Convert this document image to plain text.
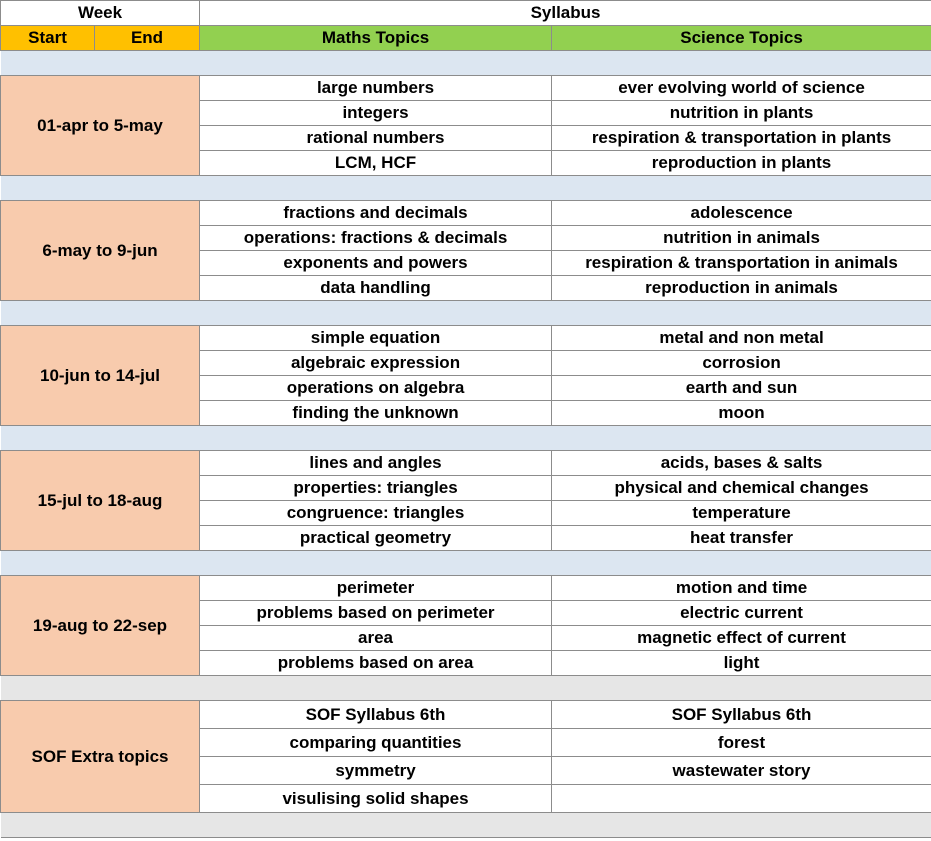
Week		Syllabus	
Start	End	Maths Topics	Science Topics

01-apr to 5-may		large numbers	ever evolving world of science
		integers	nutrition in plants
		rational numbers	respiration & transportation in plants
		LCM, HCF	reproduction in plants

6-may to 9-jun		fractions and decimals	adolescence
		operations: fractions & decimals	nutrition in animals
		exponents and powers	respiration & transportation in animals
		data handling	reproduction in animals

10-jun to 14-jul		simple equation	metal and non metal
		algebraic expression	corrosion
		operations on algebra	earth and sun
		finding the unknown	moon

15-jul to 18-aug		lines and angles	acids, bases & salts
		properties: triangles	physical and chemical changes
		congruence: triangles	temperature
		practical geometry	heat transfer

19-aug to 22-sep		perimeter	motion and time
		problems based on perimeter	electric current
		area	magnetic effect of current
		problems based on area	light

SOF Extra topics		SOF Syllabus 6th	SOF Syllabus 6th
		comparing quantities	forest
		symmetry	wastewater story
		visulising solid shapes	
